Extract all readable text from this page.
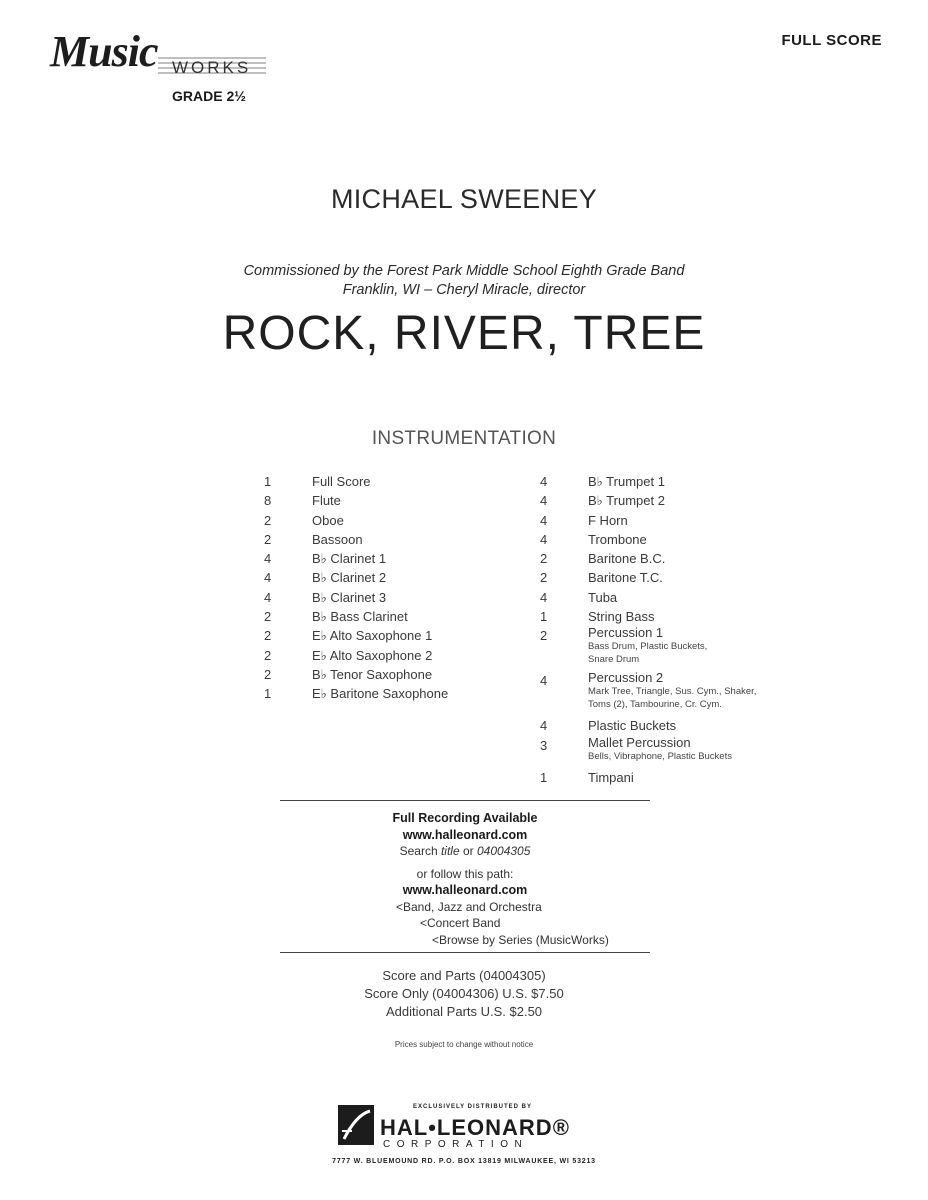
Music WORKS
GRADE 2½
FULL SCORE
MICHAEL SWEENEY
Commissioned by the Forest Park Middle School Eighth Grade Band
Franklin, WI – Cheryl Miracle, director
ROCK, RIVER, TREE
INSTRUMENTATION
1	Full Score
8	Flute
2	Oboe
2	Bassoon
4	B♭ Clarinet 1
4	B♭ Clarinet 2
4	B♭ Clarinet 3
2	B♭ Bass Clarinet
2	E♭ Alto Saxophone 1
2	E♭ Alto Saxophone 2
2	B♭ Tenor Saxophone
1	E♭ Baritone Saxophone
4	B♭ Trumpet 1
4	B♭ Trumpet 2
4	F Horn
4	Trombone
2	Baritone B.C.
2	Baritone T.C.
4	Tuba
1	String Bass
2	Percussion 1
Bass Drum, Plastic Buckets,
Snare Drum
4	Percussion 2
Mark Tree, Triangle, Sus. Cym., Shaker,
Toms (2), Tambourine, Cr. Cym.
4	Plastic Buckets
3	Mallet Percussion
Bells, Vibraphone, Plastic Buckets
1	Timpani
Full Recording Available
www.halleonard.com
Search title or 04004305
or follow this path:
www.halleonard.com
<Band, Jazz and Orchestra
<Concert Band
<Browse by Series (MusicWorks)
Score and Parts (04004305)
Score Only (04004306) U.S. $7.50
Additional Parts U.S. $2.50
Prices subject to change without notice
EXCLUSIVELY DISTRIBUTED BY
HAL•LEONARD®
CORPORATION
7777 W. BLUEMOUND RD. P.O. BOX 13819 MILWAUKEE, WI 53213
